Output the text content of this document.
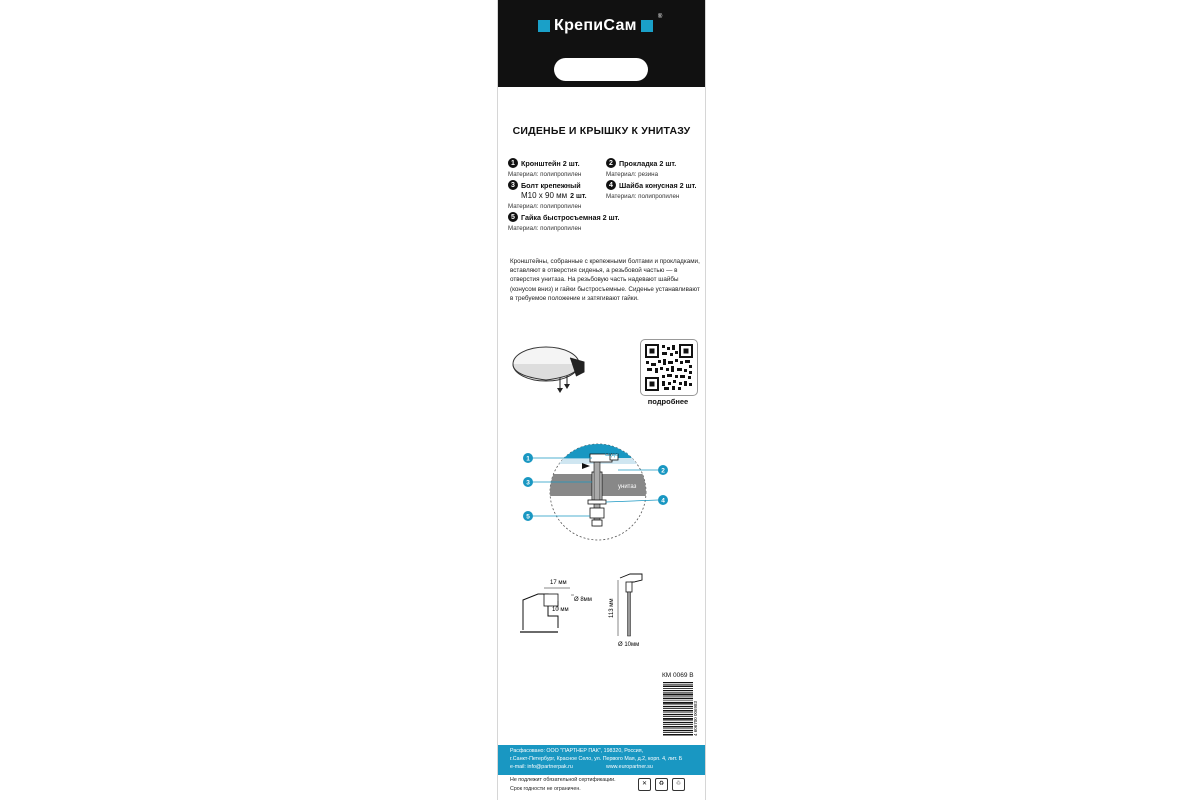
КрепиСам	®
СИДЕНЬЕ И КРЫШКУ К УНИТАЗУ
1 Кронштейн 2 шт.
Материал: полипропилен
2 Прокладка 2 шт.
Материал: резина
3 Болт крепежный
М10 х 90 мм 2 шт.
Материал: полипропилен
4 Шайба конусная 2 шт.
Материал: полипропилен
5 Гайка быстросъемная 2 шт.
Материал: полипропилен
Кронштейны, собранные с крепежными болтами и прокладками, вставляют в отверстия сиденья, а резьбовой частью — в отверстия унитаза. На резьбовую часть надевают шайбы (конусом вниз) и гайки быстросъемные. Сиденье устанавливают в требуемое положение и затягивают гайки.
подробнее
крышка
сиденье
унитаз
1
3
5
2
4
17 мм
10 мм
Ø 8мм	113 мм
Ø 10мм
КМ 0069 В
4 606700 006983
Расфасовано: ООО "ПАРТНЕР ПАК", 198320, Россия,
г.Санкт-Петербург, Красное Село, ул. Первого Мая, д.2, корп. 4, лит. Б
e-mail: info@partnerpak.ru	www.europartner.su
Не подлежит обязательной сертификации.
Срок годности не ограничен.
✕	♻	♲
